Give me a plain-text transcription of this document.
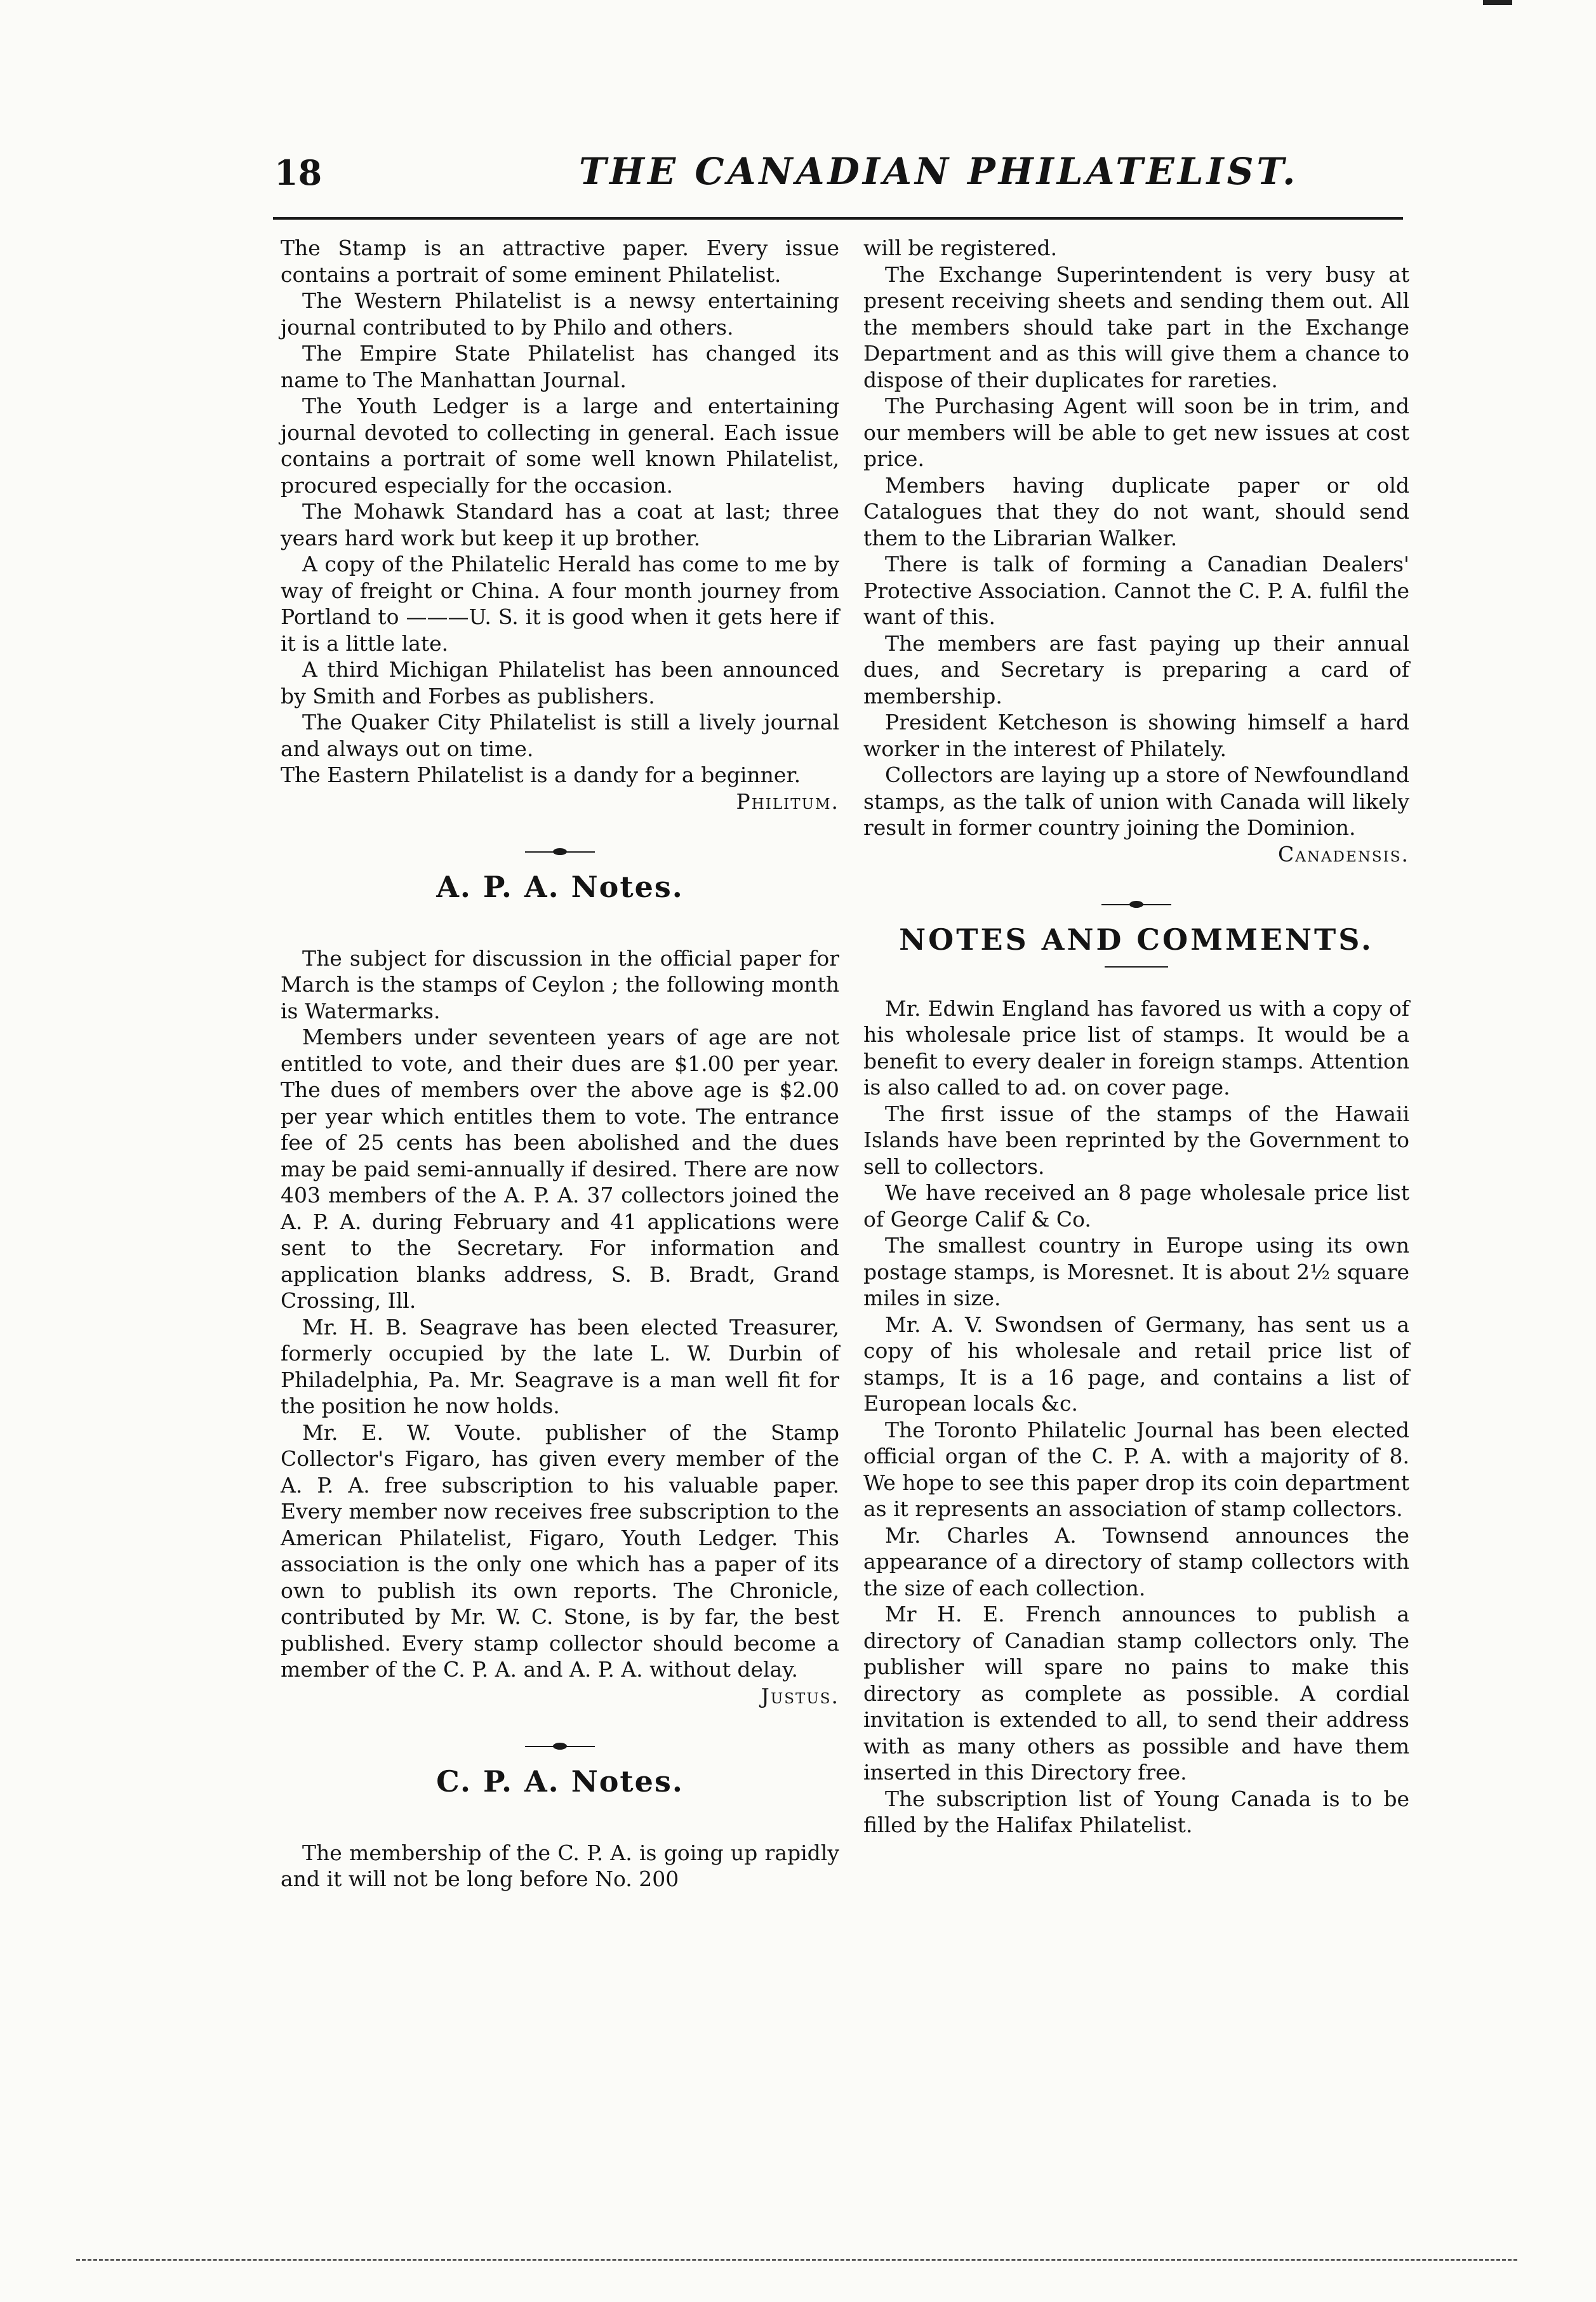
18	THE CANADIAN PHILATELIST.

The Stamp is an attractive paper. Every issue contains a portrait of some eminent Philatelist.

The Western Philatelist is a newsy entertaining journal contributed to by Philo and others.

The Empire State Philatelist has changed its name to The Manhattan Journal.

The Youth Ledger is a large and entertaining journal devoted to collecting in general. Each issue contains a portrait of some well known Philatelist, procured especially for the occasion.

The Mohawk Standard has a coat at last; three years hard work but keep it up brother.

A copy of the Philatelic Herald has come to me by way of freight or China. A four month journey from Portland to ———U. S. it is good when it gets here if it is a little late.

A third Michigan Philatelist has been announced by Smith and Forbes as publishers.

The Quaker City Philatelist is still a lively journal and always out on time.

The Eastern Philatelist is a dandy for a beginner.

Philitum.

A. P. A. Notes.

The subject for discussion in the official paper for March is the stamps of Ceylon ; the following month is Watermarks.

Members under seventeen years of age are not entitled to vote, and their dues are $1.00 per year. The dues of members over the above age is $2.00 per year which entitles them to vote. The entrance fee of 25 cents has been abolished and the dues may be paid semi-annually if desired. There are now 403 members of the A. P. A. 37 collectors joined the A. P. A. during February and 41 applications were sent to the Secretary. For information and application blanks address, S. B. Bradt, Grand Crossing, Ill.

Mr. H. B. Seagrave has been elected Treasurer, formerly occupied by the late L. W. Durbin of Philadelphia, Pa. Mr. Seagrave is a man well fit for the position he now holds.

Mr. E. W. Voute. publisher of the Stamp Collector's Figaro, has given every member of the A. P. A. free subscription to his valuable paper. Every member now receives free subscription to the American Philatelist, Figaro, Youth Ledger. This association is the only one which has a paper of its own to publish its own reports. The Chronicle, contributed by Mr. W. C. Stone, is by far, the best published. Every stamp collector should become a member of the C. P. A. and A. P. A. without delay.

Justus.

C. P. A. Notes.

The membership of the C. P. A. is going up rapidly and it will not be long before No. 200

will be registered.

The Exchange Superintendent is very busy at present receiving sheets and sending them out. All the members should take part in the Exchange Department and as this will give them a chance to dispose of their duplicates for rareties.

The Purchasing Agent will soon be in trim, and our members will be able to get new issues at cost price.

Members having duplicate paper or old Catalogues that they do not want, should send them to the Librarian Walker.

There is talk of forming a Canadian Dealers' Protective Association. Cannot the C. P. A. fulfil the want of this.

The members are fast paying up their annual dues, and Secretary is preparing a card of membership.

President Ketcheson is showing himself a hard worker in the interest of Philately.

Collectors are laying up a store of Newfoundland stamps, as the talk of union with Canada will likely result in former country joining the Dominion.

Canadensis.

NOTES AND COMMENTS.

Mr. Edwin England has favored us with a copy of his wholesale price list of stamps. It would be a benefit to every dealer in foreign stamps. Attention is also called to ad. on cover page.

The first issue of the stamps of the Hawaii Islands have been reprinted by the Government to sell to collectors.

We have received an 8 page wholesale price list of George Calif & Co.

The smallest country in Europe using its own postage stamps, is Moresnet. It is about 2½ square miles in size.

Mr. A. V. Swondsen of Germany, has sent us a copy of his wholesale and retail price list of stamps, It is a 16 page, and contains a list of European locals &c.

The Toronto Philatelic Journal has been elected official organ of the C. P. A. with a majority of 8. We hope to see this paper drop its coin department as it represents an association of stamp collectors.

Mr. Charles A. Townsend announces the appearance of a directory of stamp collectors with the size of each collection.

Mr H. E. French announces to publish a directory of Canadian stamp collectors only. The publisher will spare no pains to make this directory as complete as possible. A cordial invitation is extended to all, to send their address with as many others as possible and have them inserted in this Directory free.

The subscription list of Young Canada is to be filled by the Halifax Philatelist.
